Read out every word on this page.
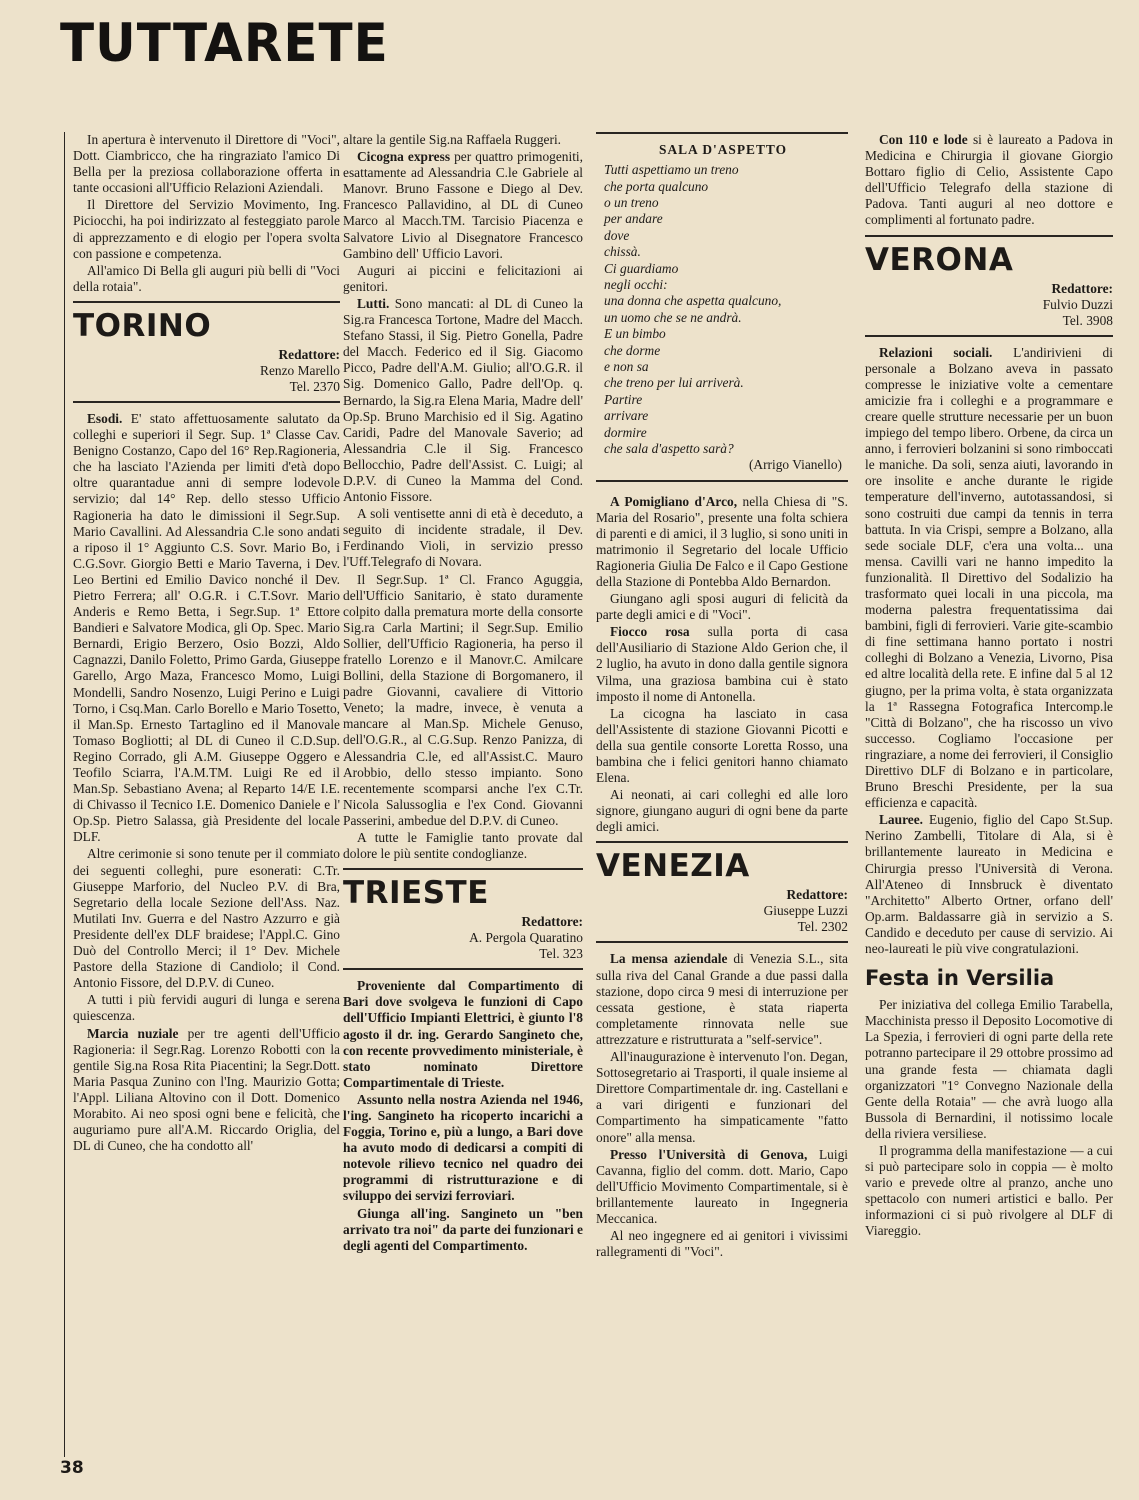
TUTTARETE

In apertura è intervenuto il Direttore di "Voci", Dott. Ciambricco, che ha ringraziato l'amico Di Bella per la preziosa collaborazione offerta in tante occasioni all'Ufficio Relazioni Aziendali.

Il Direttore del Servizio Movimento, Ing. Piciocchi, ha poi indirizzato al festeggiato parole di apprezzamento e di elogio per l'opera svolta con passione e competenza.

All'amico Di Bella gli auguri più belli di "Voci della rotaia".

TORINO
Redattore:
Renzo Marello
Tel. 2370

Esodi. E' stato affettuosamente salutato da colleghi e superiori il Segr. Sup. 1ª Classe Cav. Benigno Costanzo, Capo del 16° Rep.Ragioneria, che ha lasciato l'Azienda per limiti d'età dopo oltre quarantadue anni di sempre lodevole servizio; dal 14° Rep. dello stesso Ufficio Ragioneria ha dato le dimissioni il Segr.Sup. Mario Cavallini. Ad Alessandria C.le sono andati a riposo il 1° Aggiunto C.S. Sovr. Mario Bo, i C.G.Sovr. Giorgio Betti e Mario Taverna, i Dev. Leo Bertini ed Emilio Davico nonché il Dev. Pietro Ferrera; all' O.G.R. i C.T.Sovr. Mario Anderis e Remo Betta, i Segr.Sup. 1ª Ettore Bandieri e Salvatore Modica, gli Op. Spec. Mario Bernardi, Erigio Berzero, Osio Bozzi, Aldo Cagnazzi, Danilo Foletto, Primo Garda, Giuseppe Garello, Argo Maza, Francesco Momo, Luigi Mondelli, Sandro Nosenzo, Luigi Perino e Luigi Torno, i Csq.Man. Carlo Borello e Mario Tosetto, il Man.Sp. Ernesto Tartaglino ed il Manovale Tomaso Bogliotti; al DL di Cuneo il C.D.Sup. Regino Corrado, gli A.M. Giuseppe Oggero e Teofilo Sciarra, l'A.M.TM. Luigi Re ed il Man.Sp. Sebastiano Avena; al Reparto 14/E I.E. di Chivasso il Tecnico I.E. Domenico Daniele e l' Op.Sp. Pietro Salassa, già Presidente del locale DLF.

Altre cerimonie si sono tenute per il commiato dei seguenti colleghi, pure esonerati: C.Tr. Giuseppe Marforio, del Nucleo P.V. di Bra, Segretario della locale Sezione dell'Ass. Naz. Mutilati Inv. Guerra e del Nastro Azzurro e già Presidente dell'ex DLF braidese; l'Appl.C. Gino Duò del Controllo Merci; il 1° Dev. Michele Pastore della Stazione di Candiolo; il Cond. Antonio Fissore, del D.P.V. di Cuneo.

A tutti i più fervidi auguri di lunga e serena quiescenza.

Marcia nuziale per tre agenti dell'Ufficio Ragioneria: il Segr.Rag. Lorenzo Robotti con la gentile Sig.na Rosa Rita Piacentini; la Segr.Dott. Maria Pasqua Zunino con l'Ing. Maurizio Gotta; l'Appl. Liliana Altovino con il Dott. Domenico Morabito. Ai neo sposi ogni bene e felicità, che auguriamo pure all'A.M. Riccardo Origlia, del DL di Cuneo, che ha condotto all'

altare la gentile Sig.na Raffaela Ruggeri.

Cicogna express per quattro primogeniti, esattamente ad Alessandria C.le Gabriele al Manovr. Bruno Fassone e Diego al Dev. Francesco Pallavidino, al DL di Cuneo Marco al Macch.TM. Tarcisio Piacenza e Salvatore Livio al Disegnatore Francesco Gambino dell' Ufficio Lavori.

Auguri ai piccini e felicitazioni ai genitori.

Lutti. Sono mancati: al DL di Cuneo la Sig.ra Francesca Tortone, Madre del Macch. Stefano Stassi, il Sig. Pietro Gonella, Padre del Macch. Federico ed il Sig. Giacomo Picco, Padre dell'A.M. Giulio; all'O.G.R. il Sig. Domenico Gallo, Padre dell'Op. q. Bernardo, la Sig.ra Elena Maria, Madre dell' Op.Sp. Bruno Marchisio ed il Sig. Agatino Caridi, Padre del Manovale Saverio; ad Alessandria C.le il Sig. Francesco Bellocchio, Padre dell'Assist. C. Luigi; al D.P.V. di Cuneo la Mamma del Cond. Antonio Fissore.

A soli ventisette anni di età è deceduto, a seguito di incidente stradale, il Dev. Ferdinando Violi, in servizio presso l'Uff.Telegrafo di Novara.

Il Segr.Sup. 1ª Cl. Franco Aguggia, dell'Ufficio Sanitario, è stato duramente colpito dalla prematura morte della consorte Sig.ra Carla Martini; il Segr.Sup. Emilio Sollier, dell'Ufficio Ragioneria, ha perso il fratello Lorenzo e il Manovr.C. Amilcare Bollini, della Stazione di Borgomanero, il padre Giovanni, cavaliere di Vittorio Veneto; la madre, invece, è venuta a mancare al Man.Sp. Michele Genuso, dell'O.G.R., al C.G.Sup. Renzo Panizza, di Alessandria C.le, ed all'Assist.C. Mauro Arobbio, dello stesso impianto. Sono recentemente scomparsi anche l'ex C.Tr. Nicola Salussoglia e l'ex Cond. Giovanni Passerini, ambedue del D.P.V. di Cuneo.

A tutte le Famiglie tanto provate dal dolore le più sentite condoglianze.

TRIESTE
Redattore:
A. Pergola Quaratino
Tel. 323

Proveniente dal Compartimento di Bari dove svolgeva le funzioni di Capo dell'Ufficio Impianti Elettrici, è giunto l'8 agosto il dr. ing. Gerardo Sangineto che, con recente provvedimento ministeriale, è stato nominato Direttore Compartimentale di Trieste.

Assunto nella nostra Azienda nel 1946, l'ing. Sangineto ha ricoperto incarichi a Foggia, Torino e, più a lungo, a Bari dove ha avuto modo di dedicarsi a compiti di notevole rilievo tecnico nel quadro dei programmi di ristrutturazione e di sviluppo dei servizi ferroviari.

Giunga all'ing. Sangineto un "ben arrivato tra noi" da parte dei funzionari e degli agenti del Compartimento.

SALA D'ASPETTO
Tutti aspettiamo un treno
che porta qualcuno
o un treno
per andare
dove
chissà.
Ci guardiamo
negli occhi:
una donna che aspetta qualcuno,
un uomo che se ne andrà.
E un bimbo
che dorme
e non sa
che treno per lui arriverà.
Partire
arrivare
dormire
che sala d'aspetto sarà?
(Arrigo Vianello)

A Pomigliano d'Arco, nella Chiesa di "S. Maria del Rosario", presente una folta schiera di parenti e di amici, il 3 luglio, si sono uniti in matrimonio il Segretario del locale Ufficio Ragioneria Giulia De Falco e il Capo Gestione della Stazione di Pontebba Aldo Bernardon.

Giungano agli sposi auguri di felicità da parte degli amici e di "Voci".

Fiocco rosa sulla porta di casa dell'Ausiliario di Stazione Aldo Gerion che, il 2 luglio, ha avuto in dono dalla gentile signora Vilma, una graziosa bambina cui è stato imposto il nome di Antonella.

La cicogna ha lasciato in casa dell'Assistente di stazione Giovanni Picotti e della sua gentile consorte Loretta Rosso, una bambina che i felici genitori hanno chiamato Elena.

Ai neonati, ai cari colleghi ed alle loro signore, giungano auguri di ogni bene da parte degli amici.

VENEZIA
Redattore:
Giuseppe Luzzi
Tel. 2302

La mensa aziendale di Venezia S.L., sita sulla riva del Canal Grande a due passi dalla stazione, dopo circa 9 mesi di interruzione per cessata gestione, è stata riaperta completamente rinnovata nelle sue attrezzature e ristrutturata a "self-service".

All'inaugurazione è intervenuto l'on. Degan, Sottosegretario ai Trasporti, il quale insieme al Direttore Compartimentale dr. ing. Castellani e a vari dirigenti e funzionari del Compartimento ha simpaticamente "fatto onore" alla mensa.

Presso l'Università di Genova, Luigi Cavanna, figlio del comm. dott. Mario, Capo dell'Ufficio Movimento Compartimentale, si è brillantemente laureato in Ingegneria Meccanica.

Al neo ingegnere ed ai genitori i vivissimi rallegramenti di "Voci".

Con 110 e lode si è laureato a Padova in Medicina e Chirurgia il giovane Giorgio Bottaro figlio di Celio, Assistente Capo dell'Ufficio Telegrafo della stazione di Padova. Tanti auguri al neo dottore e complimenti al fortunato padre.

VERONA
Redattore:
Fulvio Duzzi
Tel. 3908

Relazioni sociali. L'andirivieni di personale a Bolzano aveva in passato compresse le iniziative volte a cementare amicizie fra i colleghi e a programmare e creare quelle strutture necessarie per un buon impiego del tempo libero. Orbene, da circa un anno, i ferrovieri bolzanini si sono rimboccati le maniche. Da soli, senza aiuti, lavorando in ore insolite e anche durante le rigide temperature dell'inverno, autotassandosi, si sono costruiti due campi da tennis in terra battuta. In via Crispi, sempre a Bolzano, alla sede sociale DLF, c'era una volta... una mensa. Cavilli vari ne hanno impedito la funzionalità. Il Direttivo del Sodalizio ha trasformato quei locali in una piccola, ma moderna palestra frequentatissima dai bambini, figli di ferrovieri. Varie gite-scambio di fine settimana hanno portato i nostri colleghi di Bolzano a Venezia, Livorno, Pisa ed altre località della rete. E infine dal 5 al 12 giugno, per la prima volta, è stata organizzata la 1ª Rassegna Fotografica Intercomp.le "Città di Bolzano", che ha riscosso un vivo successo. Cogliamo l'occasione per ringraziare, a nome dei ferrovieri, il Consiglio Direttivo DLF di Bolzano e in particolare, Bruno Breschi Presidente, per la sua efficienza e capacità.

Lauree. Eugenio, figlio del Capo St.Sup. Nerino Zambelli, Titolare di Ala, si è brillantemente laureato in Medicina e Chirurgia presso l'Università di Verona. All'Ateneo di Innsbruck è diventato "Architetto" Alberto Ortner, orfano dell' Op.arm. Baldassarre già in servizio a S. Candido e deceduto per cause di servizio. Ai neo-laureati le più vive congratulazioni.

Festa in Versilia

Per iniziativa del collega Emilio Tarabella, Macchinista presso il Deposito Locomotive di La Spezia, i ferrovieri di ogni parte della rete potranno partecipare il 29 ottobre prossimo ad una grande festa — chiamata dagli organizzatori "1° Convegno Nazionale della Gente della Rotaia" — che avrà luogo alla Bussola di Bernardini, il notissimo locale della riviera versiliese.

Il programma della manifestazione — a cui si può partecipare solo in coppia — è molto vario e prevede oltre al pranzo, anche uno spettacolo con numeri artistici e ballo. Per informazioni ci si può rivolgere al DLF di Viareggio.

38
